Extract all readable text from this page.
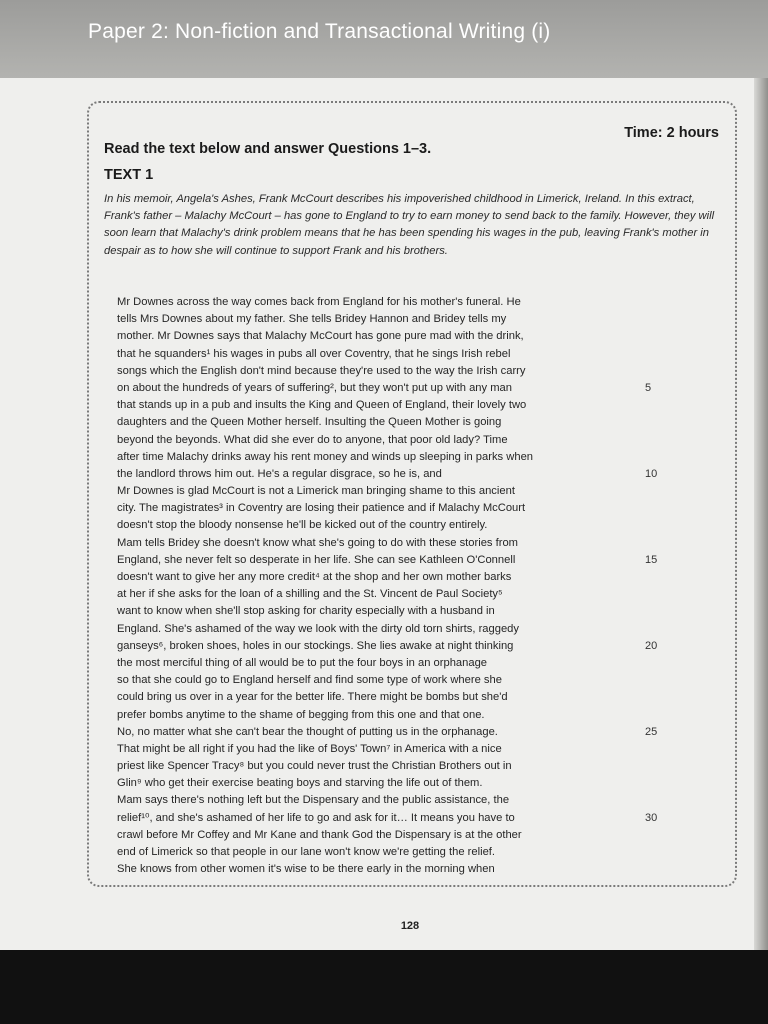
Paper 2: Non-fiction and Transactional Writing (i)
Time: 2 hours
Read the text below and answer Questions 1–3.
TEXT 1

In his memoir, Angela's Ashes, Frank McCourt describes his impoverished childhood in Limerick, Ireland. In this extract, Frank's father – Malachy McCourt – has gone to England to try to earn money to send back to the family. However, they will soon learn that Malachy's drink problem means that he has been spending his wages in the pub, leaving Frank's mother in despair as to how she will continue to support Frank and his brothers.

Mr Downes across the way comes back from England for his mother's funeral. He
tells Mrs Downes about my father. She tells Bridey Hannon and Bridey tells my
mother. Mr Downes says that Malachy McCourt has gone pure mad with the drink,
that he squanders¹ his wages in pubs all over Coventry, that he sings Irish rebel
songs which the English don't mind because they're used to the way the Irish carry
on about the hundreds of years of suffering², but they won't put up with any man	5
that stands up in a pub and insults the King and Queen of England, their lovely two
daughters and the Queen Mother herself. Insulting the Queen Mother is going
beyond the beyonds. What did she ever do to anyone, that poor old lady? Time
after time Malachy drinks away his rent money and winds up sleeping in parks when
the landlord throws him out. He's a regular disgrace, so he is, and	10
Mr Downes is glad McCourt is not a Limerick man bringing shame to this ancient
city. The magistrates³ in Coventry are losing their patience and if Malachy McCourt
doesn't stop the bloody nonsense he'll be kicked out of the country entirely.
Mam tells Bridey she doesn't know what she's going to do with these stories from
England, she never felt so desperate in her life. She can see Kathleen O'Connell	15
doesn't want to give her any more credit⁴ at the shop and her own mother barks
at her if she asks for the loan of a shilling and the St. Vincent de Paul Society⁵
want to know when she'll stop asking for charity especially with a husband in
England. She's ashamed of the way we look with the dirty old torn shirts, raggedy
ganseys⁶, broken shoes, holes in our stockings. She lies awake at night thinking	20
the most merciful thing of all would be to put the four boys in an orphanage
so that she could go to England herself and find some type of work where she
could bring us over in a year for the better life. There might be bombs but she'd
prefer bombs anytime to the shame of begging from this one and that one.
No, no matter what she can't bear the thought of putting us in the orphanage.	25
That might be all right if you had the like of Boys' Town⁷ in America with a nice
priest like Spencer Tracy⁸ but you could never trust the Christian Brothers out in
Glin⁹ who get their exercise beating boys and starving the life out of them.
Mam says there's nothing left but the Dispensary and the public assistance, the
relief¹⁰, and she's ashamed of her life to go and ask for it… It means you have to	30
crawl before Mr Coffey and Mr Kane and thank God the Dispensary is at the other
end of Limerick so that people in our lane won't know we're getting the relief.
She knows from other women it's wise to be there early in the morning when
128
